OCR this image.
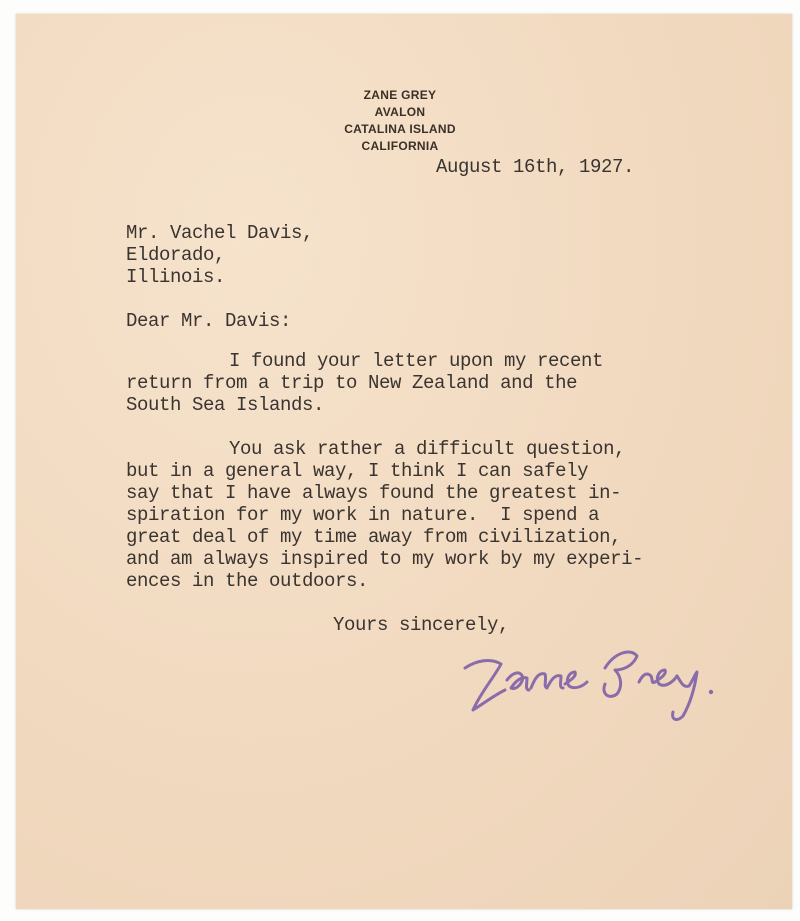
ZANE GREY
AVALON
CATALINA ISLAND
CALIFORNIA
August 16th, 1927.
Mr. Vachel Davis,
Eldorado,
Illinois.
Dear Mr. Davis:
I found your letter upon my recent
return from a trip to New Zealand and the
South Sea Islands.
You ask rather a difficult question,
but in a general way, I think I can safely
say that I have always found the greatest in-
spiration for my work in nature.  I spend a
great deal of my time away from civilization,
and am always inspired to my work by my experi-
ences in the outdoors.
Yours sincerely,
